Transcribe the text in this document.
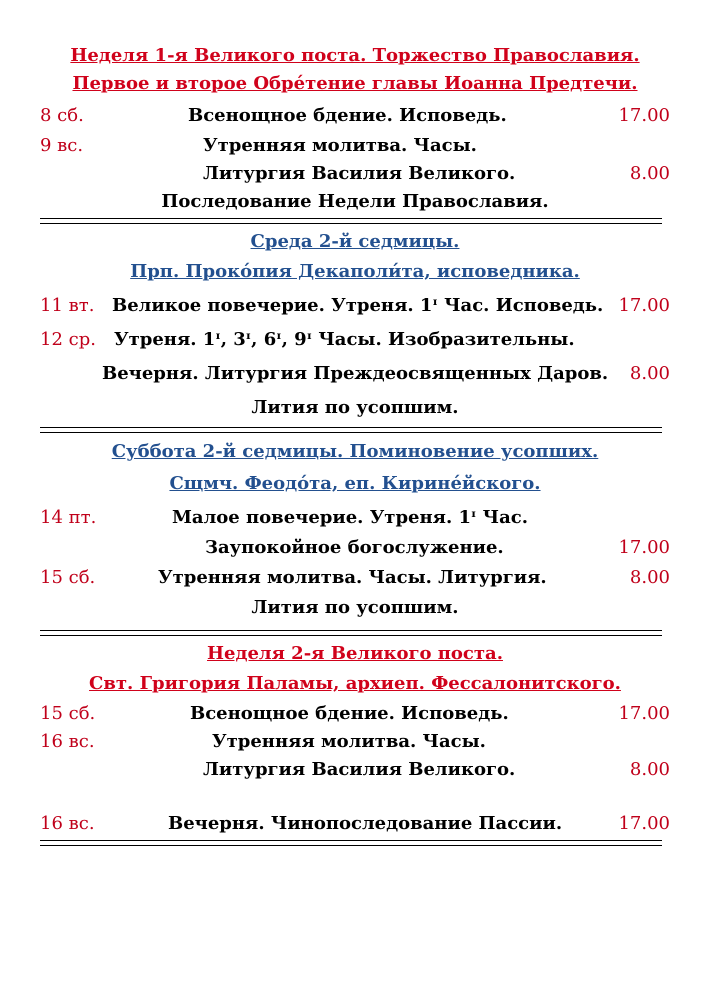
Неделя 1-я Великого поста. Торжество Православия.
Первое и второе Обре́тение главы Иоанна Предтечи.
8 сб.	Всенощное бдение. Исповедь.	17.00
9 вс.	Утренняя молитва. Часы.
Литургия Василия Великого.	8.00
Последование Недели Православия.
Среда 2-й седмицы.
Прп. Проко́пия Декаполи́та, исповедника.
11 вт. Великое повечерие. Утреня. 1ᶦ Час. Исповедь. 17.00
12 ср. Утреня. 1ᶦ, 3ᶦ, 6ᶦ, 9ᶦ Часы. Изобразительны.
Вечерня. Литургия Преждеосвященных Даров. 8.00
Лития по усопшим.
Суббота 2-й седмицы. Поминовение усопших.
Сщмч. Феодо́та, еп. Кирине́йского.
14 пт.	Малое повечерие. Утреня. 1ᶦ Час.
Заупокойное богослужение.	17.00
15 сб.	Утренняя молитва. Часы. Литургия.	8.00
Лития по усопшим.
Неделя 2-я Великого поста.
Свт. Григория Паламы, архиеп. Фессалонитского.
15 сб.	Всенощное бдение. Исповедь.	17.00
16 вс.	Утренняя молитва. Часы.
Литургия Василия Великого.	8.00
16 вс.	Вечерня. Чинопоследование Пассии.	17.00
